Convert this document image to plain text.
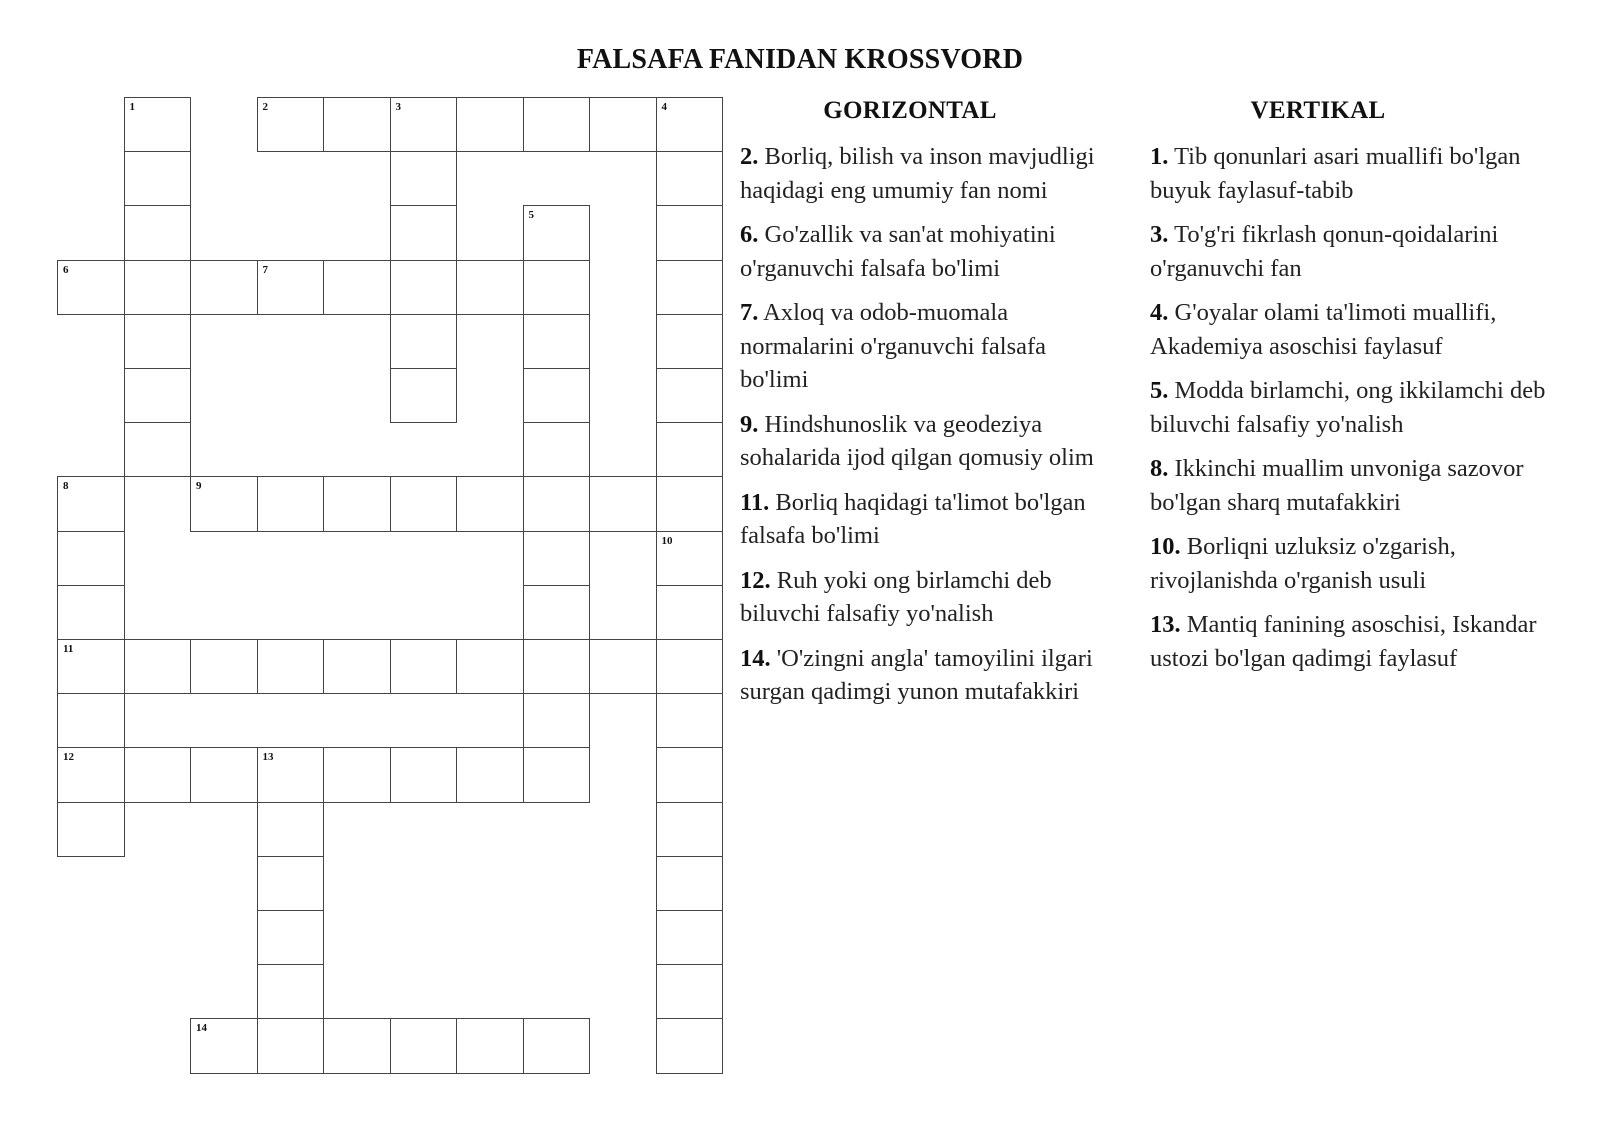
FALSAFA FANIDAN KROSSVORD
1	2	3	4
5
6	7
8	9
10
11
12	13
14
GORIZONTAL	VERTIKAL

2. Borliq, bilish va inson mavjudligi haqidagi eng umumiy fan nomi

6. Go'zallik va san'at mohiyatini o'rganuvchi falsafa bo'limi

7. Axloq va odob-muomala normalarini o'rganuvchi falsafa bo'limi

9. Hindshunoslik va geodeziya sohalarida ijod qilgan qomusiy olim

11. Borliq haqidagi ta'limot bo'lgan falsafa bo'limi

12. Ruh yoki ong birlamchi deb biluvchi falsafiy yo'nalish

14. 'O'zingni angla' tamoyilini ilgari surgan qadimgi yunon mutafakkiri

1. Tib qonunlari asari muallifi bo'lgan buyuk faylasuf-tabib

3. To'g'ri fikrlash qonun-qoidalarini o'rganuvchi fan

4. G'oyalar olami ta'limoti muallifi, Akademiya asoschisi faylasuf

5. Modda birlamchi, ong ikkilamchi deb biluvchi falsafiy yo'nalish

8. Ikkinchi muallim unvoniga sazovor bo'lgan sharq mutafakkiri

10. Borliqni uzluksiz o'zgarish, rivojlanishda o'rganish usuli

13. Mantiq fanining asoschisi, Iskandar ustozi bo'lgan qadimgi faylasuf
